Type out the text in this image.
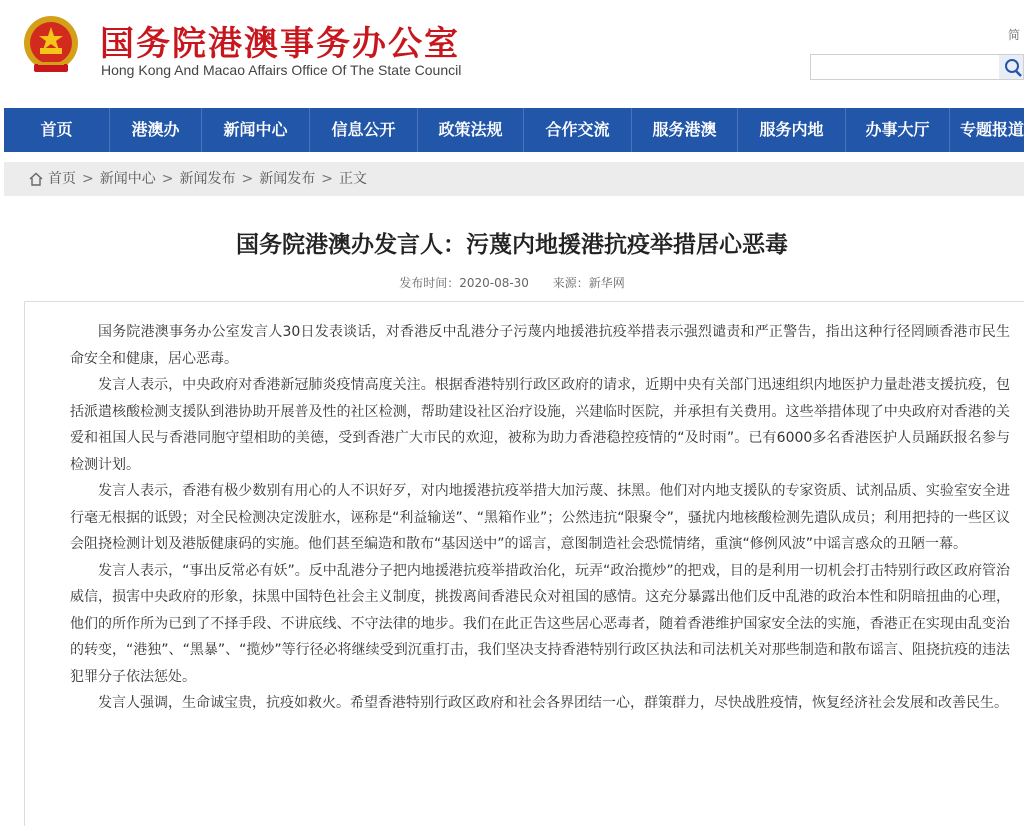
国务院港澳事务办公室
Hong Kong And Macao Affairs Office Of The State Council
简
首页	港澳办	新闻中心	信息公开	政策法规	合作交流	服务港澳	服务内地	办事大厅	专题报道
首页 > 新闻中心 > 新闻发布 > 新闻发布 > 正文
国务院港澳办发言人：污蔑内地援港抗疫举措居心恶毒
发布时间：2020-08-30 来源：新华网

国务院港澳事务办公室发言人30日发表谈话，对香港反中乱港分子污蔑内地援港抗疫举措表示强烈谴责和严正警告，指出这种行径罔顾香港市民生命安全和健康，居心恶毒。

发言人表示，中央政府对香港新冠肺炎疫情高度关注。根据香港特别行政区政府的请求，近期中央有关部门迅速组织内地医护力量赴港支援抗疫，包括派遣核酸检测支援队到港协助开展普及性的社区检测，帮助建设社区治疗设施，兴建临时医院，并承担有关费用。这些举措体现了中央政府对香港的关爱和祖国人民与香港同胞守望相助的美德，受到香港广大市民的欢迎，被称为助力香港稳控疫情的“及时雨”。已有6000多名香港医护人员踊跃报名参与检测计划。

发言人表示，香港有极少数别有用心的人不识好歹，对内地援港抗疫举措大加污蔑、抹黑。他们对内地支援队的专家资质、试剂品质、实验室安全进行毫无根据的诋毁；对全民检测决定泼脏水，诬称是“利益输送”、“黑箱作业”；公然违抗“限聚令”，骚扰内地核酸检测先遣队成员；利用把持的一些区议会阻挠检测计划及港版健康码的实施。他们甚至编造和散布“基因送中”的谣言，意图制造社会恐慌情绪，重演“修例风波”中谣言惑众的丑陋一幕。

发言人表示，“事出反常必有妖”。反中乱港分子把内地援港抗疫举措政治化，玩弄“政治揽炒”的把戏，目的是利用一切机会打击特别行政区政府管治威信，损害中央政府的形象，抹黑中国特色社会主义制度，挑拨离间香港民众对祖国的感情。这充分暴露出他们反中乱港的政治本性和阴暗扭曲的心理，他们的所作所为已到了不择手段、不讲底线、不守法律的地步。我们在此正告这些居心恶毒者，随着香港维护国家安全法的实施，香港正在实现由乱变治的转变，“港独”、“黑暴”、“揽炒”等行径必将继续受到沉重打击，我们坚决支持香港特别行政区执法和司法机关对那些制造和散布谣言、阻挠抗疫的违法犯罪分子依法惩处。

发言人强调，生命诚宝贵，抗疫如救火。希望香港特别行政区政府和社会各界团结一心，群策群力，尽快战胜疫情，恢复经济社会发展和改善民生。
